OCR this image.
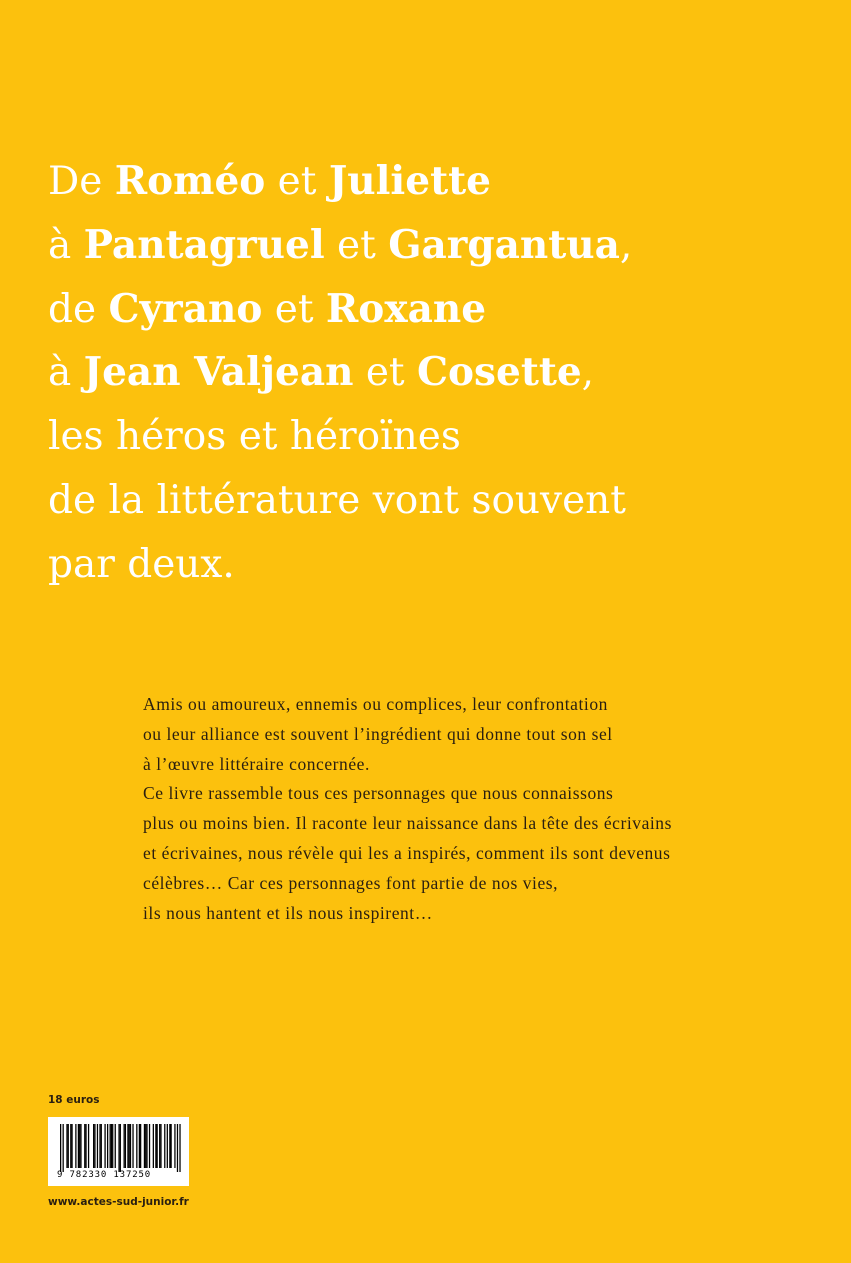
De Roméo et Juliette
à Pantagruel et Gargantua,
de Cyrano et Roxane
à Jean Valjean et Cosette,
les héros et héroïnes
de la littérature vont souvent
par deux.
Amis ou amoureux, ennemis ou complices, leur confrontation
ou leur alliance est souvent l’ingrédient qui donne tout son sel
à l’œuvre littéraire concernée.
Ce livre rassemble tous ces personnages que nous connaissons
plus ou moins bien. Il raconte leur naissance dans la tête des écrivains
et écrivaines, nous révèle qui les a inspirés, comment ils sont devenus
célèbres… Car ces personnages font partie de nos vies,
ils nous hantent et ils nous inspirent…
18 euros
9 782330 137250
www.actes-sud-junior.fr
